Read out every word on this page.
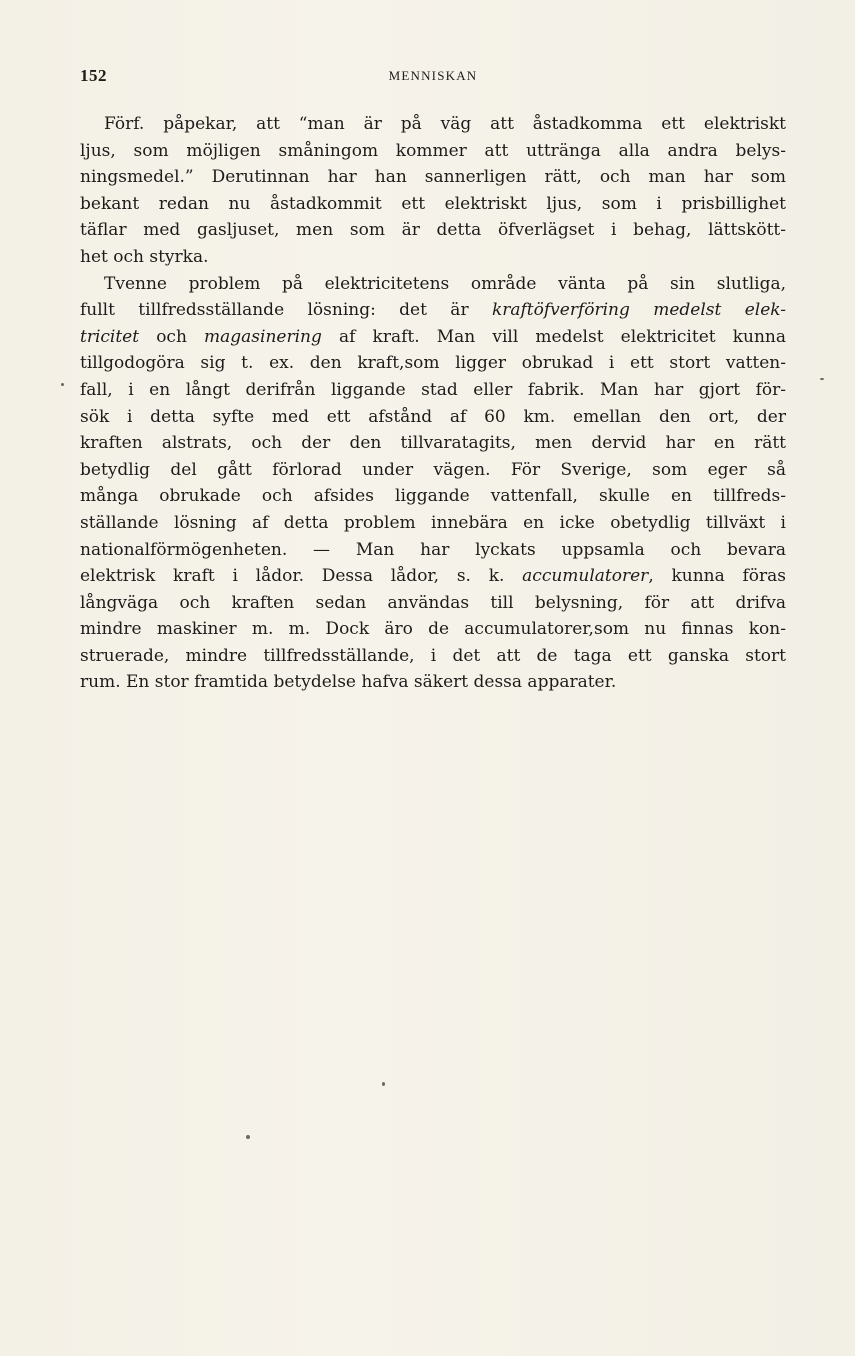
152	MENNISKAN
Förf. påpekar, att “man är på väg att åstadkomma ett elektriskt
ljus, som möjligen småningom kommer att uttränga alla andra belys-
ningsmedel.” Derutinnan har han sannerligen rätt, och man har som
bekant redan nu åstadkommit ett elektriskt ljus, som i prisbillighet
täflar med gasljuset, men som är detta öfverlägset i behag, lättskött-
het och styrka.
Tvenne problem på elektricitetens område vänta på sin slutliga,
fullt tillfredsställande lösning: det är kraftöfverföring medelst elek-
tricitet och magasinering af kraft. Man vill medelst elektricitet kunna
tillgodogöra sig t. ex. den kraft,som ligger obrukad i ett stort vatten-
fall, i en långt derifrån liggande stad eller fabrik. Man har gjort för-
sök i detta syfte med ett afstånd af 60 km. emellan den ort, der
kraften alstrats, och der den tillvaratagits, men dervid har en rätt
betydlig del gått förlorad under vägen. För Sverige, som eger så
många obrukade och afsides liggande vattenfall, skulle en tillfreds-
ställande lösning af detta problem innebära en icke obetydlig tillväxt i
nationalförmögenheten. — Man har lyckats uppsamla och bevara
elektrisk kraft i lådor. Dessa lådor, s. k. accumulatorer, kunna föras
långväga och kraften sedan användas till belysning, för att drifva
mindre maskiner m. m. Dock äro de accumulatorer,som nu finnas kon-
struerade, mindre tillfredsställande, i det att de taga ett ganska stort
rum. En stor framtida betydelse hafva säkert dessa apparater.
